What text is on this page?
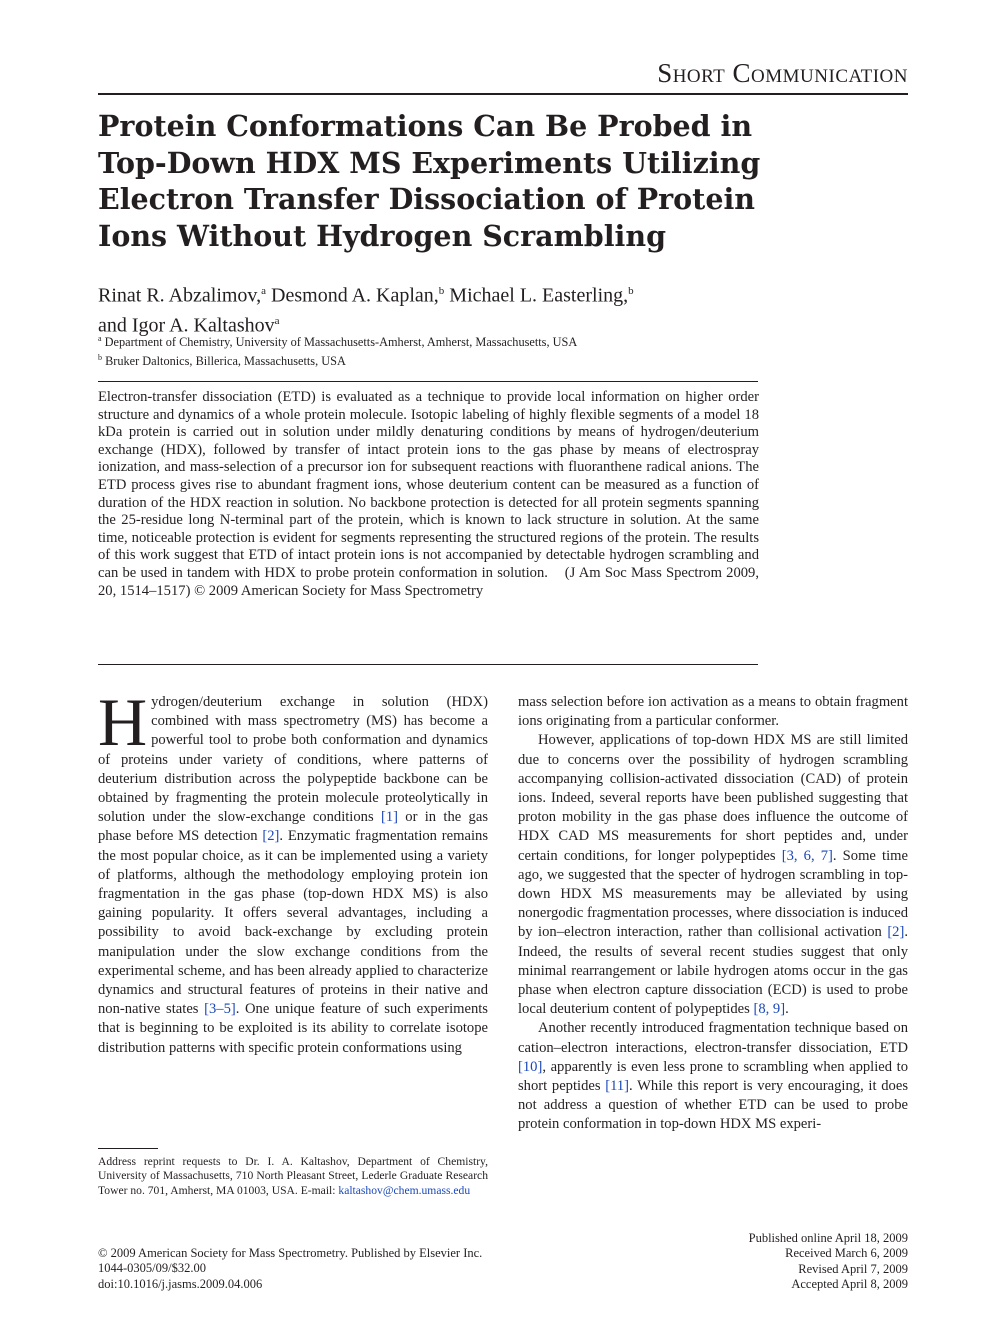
Short Communication
Protein Conformations Can Be Probed in Top-Down HDX MS Experiments Utilizing Electron Transfer Dissociation of Protein Ions Without Hydrogen Scrambling
Rinat R. Abzalimov,$^a$ Desmond A. Kaplan,$^b$ Michael L. Easterling,$^b$
and Igor A. Kaltashov$^a$
$^a$ Department of Chemistry, University of Massachusetts-Amherst, Amherst, Massachusetts, USA
$^b$ Bruker Daltonics, Billerica, Massachusetts, USA
Electron-transfer dissociation (ETD) is evaluated as a technique to provide local information on higher order structure and dynamics of a whole protein molecule. Isotopic labeling of highly flexible segments of a model 18 kDa protein is carried out in solution under mildly denaturing conditions by means of hydrogen/deuterium exchange (HDX), followed by transfer of intact protein ions to the gas phase by means of electrospray ionization, and mass-selection of a precursor ion for subsequent reactions with fluoranthene radical anions. The ETD process gives rise to abundant fragment ions, whose deuterium content can be measured as a function of duration of the HDX reaction in solution. No backbone protection is detected for all protein segments spanning the 25-residue long N-terminal part of the protein, which is known to lack structure in solution. At the same time, noticeable protection is evident for segments representing the structured regions of the protein. The results of this work suggest that ETD of intact protein ions is not accompanied by detectable hydrogen scrambling and can be used in tandem with HDX to probe protein conformation in solution. (J Am Soc Mass Spectrom 2009, 20, 1514–1517) © 2009 American Society for Mass Spectrometry

Hydrogen/deuterium exchange in solution (HDX) combined with mass spectrometry (MS) has become a powerful tool to probe both conformation and dynamics of proteins under variety of conditions, where patterns of deuterium distribution across the polypeptide backbone can be obtained by fragmenting the protein molecule proteolytically in solution under the slow-exchange conditions [1] or in the gas phase before MS detection [2]. Enzymatic fragmentation remains the most popular choice, as it can be implemented using a variety of platforms, although the methodology employing protein ion fragmentation in the gas phase (top-down HDX MS) is also gaining popularity. It offers several advantages, including a possibility to avoid back-exchange by excluding protein manipulation under the slow exchange conditions from the experimental scheme, and has been already applied to characterize dynamics and structural features of proteins in their native and non-native states [3–5]. One unique feature of such experiments that is beginning to be exploited is its ability to correlate isotope distribution patterns with specific protein conformations using

mass selection before ion activation as a means to obtain fragment ions originating from a particular conformer.

However, applications of top-down HDX MS are still limited due to concerns over the possibility of hydrogen scrambling accompanying collision-activated dissociation (CAD) of protein ions. Indeed, several reports have been published suggesting that proton mobility in the gas phase does influence the outcome of HDX CAD MS measurements for short peptides and, under certain conditions, for longer polypeptides [3, 6, 7]. Some time ago, we suggested that the specter of hydrogen scrambling in top-down HDX MS measurements may be alleviated by using nonergodic fragmentation processes, where dissociation is induced by ion–electron interaction, rather than collisional activation [2]. Indeed, the results of several recent studies suggest that only minimal rearrangement or labile hydrogen atoms occur in the gas phase when electron capture dissociation (ECD) is used to probe local deuterium content of polypeptides [8, 9].

Another recently introduced fragmentation technique based on cation–electron interactions, electron-transfer dissociation, ETD [10], apparently is even less prone to scrambling when applied to short peptides [11]. While this report is very encouraging, it does not address a question of whether ETD can be used to probe protein conformation in top-down HDX MS experi-

Address reprint requests to Dr. I. A. Kaltashov, Department of Chemistry, University of Massachusetts, 710 North Pleasant Street, Lederle Graduate Research Tower no. 701, Amherst, MA 01003, USA. E-mail: kaltashov@chem.umass.edu
© 2009 American Society for Mass Spectrometry. Published by Elsevier Inc.
1044-0305/09/$32.00
doi:10.1016/j.jasms.2009.04.006
Published online April 18, 2009
Received March 6, 2009
Revised April 7, 2009
Accepted April 8, 2009
